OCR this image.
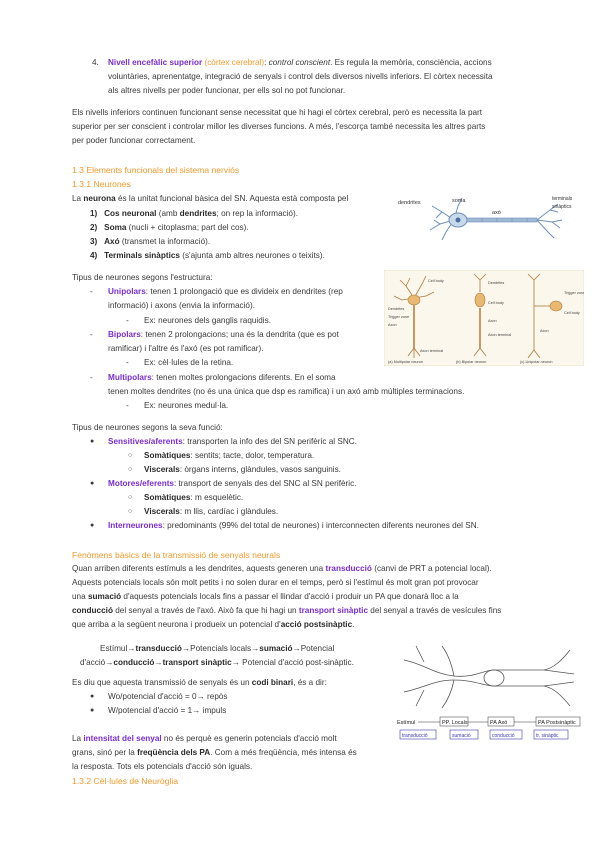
4. Nivell encefàlic superior (còrtex cerebral): control conscient. Es regula la memòria, consciència, accions
voluntàries, aprenentatge, integració de senyals i control dels diversos nivells inferiors. El còrtex necessita
als altres nivells per poder funcionar, per ells sol no pot funcionar.
Els nivells inferiors continuen funcionant sense necessitat que hi hagi el còrtex cerebral, però es necessita la part
superior per ser conscient i controlar millor les diverses funcions. A més, l'escorça també necessita les altres parts
per poder funcionar correctament.
1.3 Elements funcionals del sistema nerviós
1.3.1 Neurones
La neurona és la unitat funcional bàsica del SN. Aquesta està composta pel
1) Cos neuronal (amb dendrites; on rep la informació).
2) Soma (nucli + citoplasma; part del cos).
3) Axó (transmet la informació).
4) Terminals sinàptics (s'ajunta amb altres neurones o teixits).
dendrites	soma
axó
terminals
sinàptics
Tipus de neurones segons l'estructura:
- Unipolars: tenen 1 prolongació que es divideix en dendrites (rep
informació) i axons (envia la informació).
- Ex: neurones dels ganglis raquidis.
- Bipolars: tenen 2 prolongacions; una és la dendrita (que es pot
ramificar) i l'altre és l'axó (es pot ramificar).
- Ex: cèl·lules de la retina.
- Multipolars: tenen moltes prolongacions diferents. En el soma
tenen moltes dendrites (no és una única que dsp es ramifica) i un axó amb múltiples terminacions.
- Ex: neurones medul·la.
Cell body
Dendrites
Trigger zone
Axon
Axon terminal
Dendrites
Cell body
Axon
Axon terminal
Trigger zone
Cell body
Axon
(a) Multipolar neuron	(b) Bipolar neuron	(c) Unipolar neuron
Tipus de neurones segons la seva funció:
● Sensitives/aferents: transporten la info des del SN perifèric al SNC.
○ Somàtiques: sentits; tacte, dolor, temperatura.
○ Viscerals: òrgans interns, glàndules, vasos sanguinis.
● Motores/eferents: transport de senyals des del SNC al SN perifèric.
○ Somàtiques: m esquelètic.
○ Viscerals: m llis, cardíac i glàndules.
● Interneurones: predominants (99% del total de neurones) i interconnecten diferents neurones del SN.
Fenòmens bàsics de la transmissió de senyals neurals
Quan arriben diferents estímuls a les dendrites, aquests generen una transducció (canvi de PRT a potencial local).
Aquests potencials locals són molt petits i no solen durar en el temps, però si l'estímul és molt gran pot provocar
una sumació d'aquests potencials locals fins a passar el llindar d'acció i produir un PA que donarà lloc a la
conducció del senyal a través de l'axó. Això fa que hi hagi un transport sinàptic del senyal a través de vesícules fins
que arriba a la següent neurona i produeix un potencial d'acció postsinàptic.
Estímul→transducció→Potencials locals→sumació→Potencial
d'acció→conducció→transport sinàptic→ Potencial d'acció post-sinàptic.
Es diu que aquesta transmissió de senyals és un codi binari, és a dir:
● Wo/potencial d'acció = 0→ repòs
● W/potencial d'acció = 1→ impuls
La intensitat del senyal no és perquè es generin potencials d'acció molt
grans, sinó per la freqüència dels PA. Com a més freqüència, més intensa és
la resposta. Tots els potencials d'acció són iguals.
1.3.2 Cèl·lules de Neuròglia
Estímul	PP. Locals	PA Axó	PA Postsinàptic
transducció	sumació	conducció	tr. sinàptic
